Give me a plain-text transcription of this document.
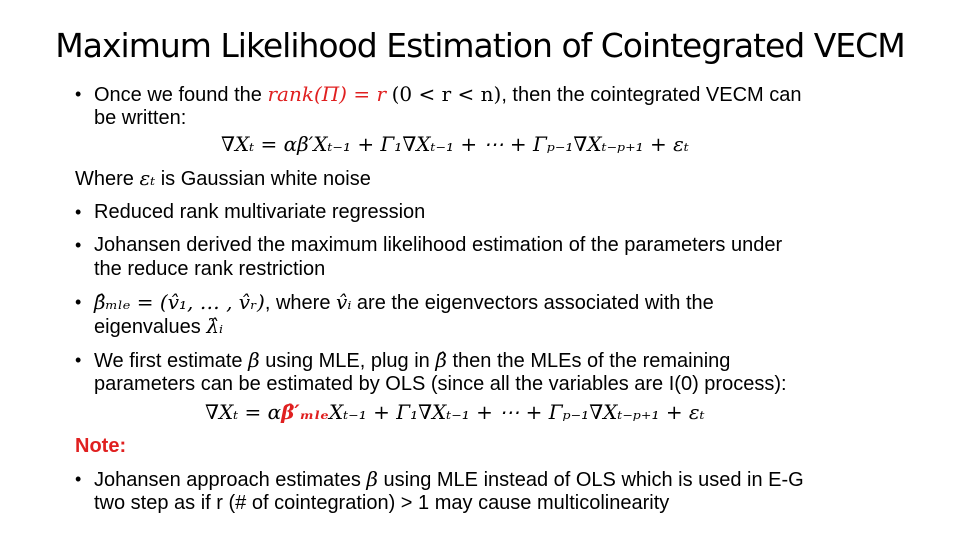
Maximum Likelihood Estimation of Cointegrated VECM
• Once we found the rank(Π) = r (0 < r < n), then the cointegrated VECM can
be written:
∇Xₜ = αβ′Xₜ₋₁ + Γ₁∇Xₜ₋₁ + ⋯ + Γₚ₋₁∇Xₜ₋ₚ₊₁ + εₜ
Where εₜ is Gaussian white noise
• Reduced rank multivariate regression
• Johansen derived the maximum likelihood estimation of the parameters under
the reduce rank restriction
• β̂ₘₗₑ = (v̂₁, … , v̂ᵣ), where v̂ᵢ are the eigenvectors associated with the
eigenvalues λ̂ᵢ
• We first estimate β using MLE, plug in β̂ then the MLEs of the remaining
parameters can be estimated by OLS (since all the variables are I(0) process):
∇Xₜ = αβ̂′ₘₗₑXₜ₋₁ + Γ₁∇Xₜ₋₁ + ⋯ + Γₚ₋₁∇Xₜ₋ₚ₊₁ + εₜ
Note:
• Johansen approach estimates β using MLE instead of OLS which is used in E-G
two step as if r (# of cointegration) > 1 may cause multicolinearity
